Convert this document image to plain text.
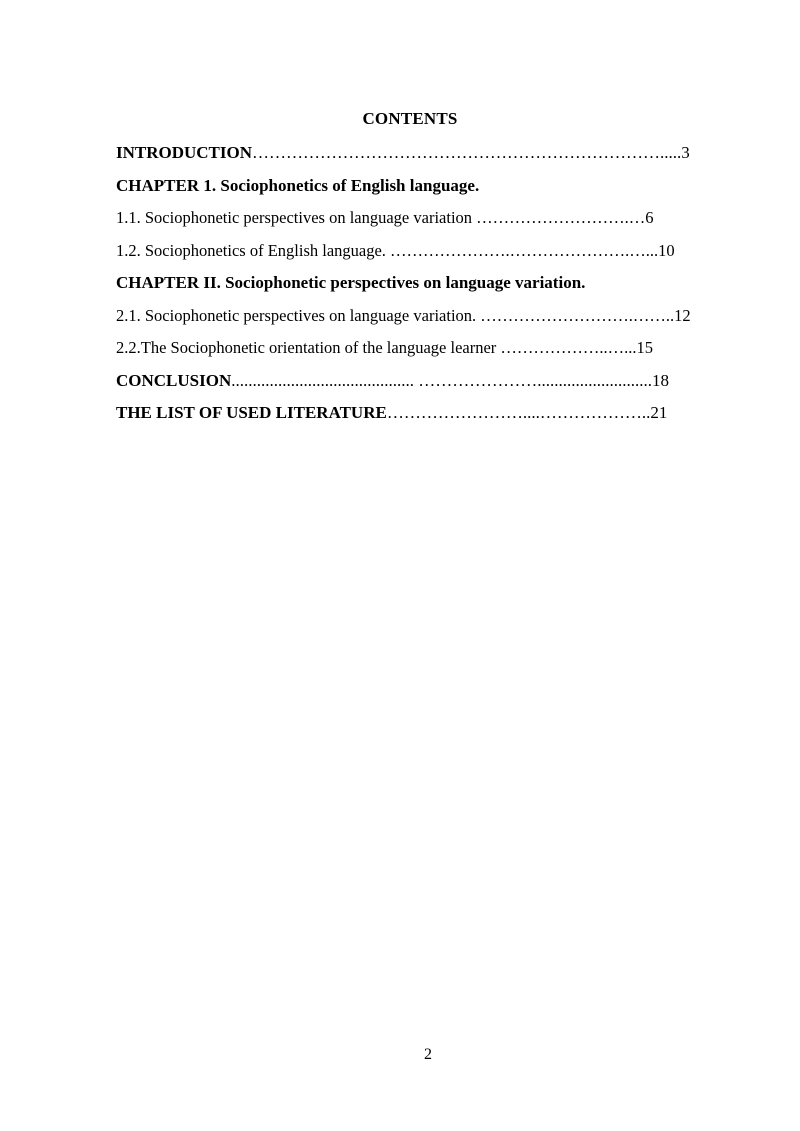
CONTENTS
INTRODUCTION……………………………………………………………….....3
CHAPTER 1. Sociophonetics of English language.
1.1. Sociophonetic perspectives on language variation ……………………….…6
1.2. Sociophonetics of English language. ………………….………………….…...10
CHAPTER II. Sociophonetic perspectives on language variation.
2.1. Sociophonetic perspectives on language variation. ……………………….……..12
2.2.The Sociophonetic orientation of the language learner ………………..…...15
CONCLUSION........................................... …………………...........................18
THE LIST OF USED LITERATURE……………………....………………..21
2
